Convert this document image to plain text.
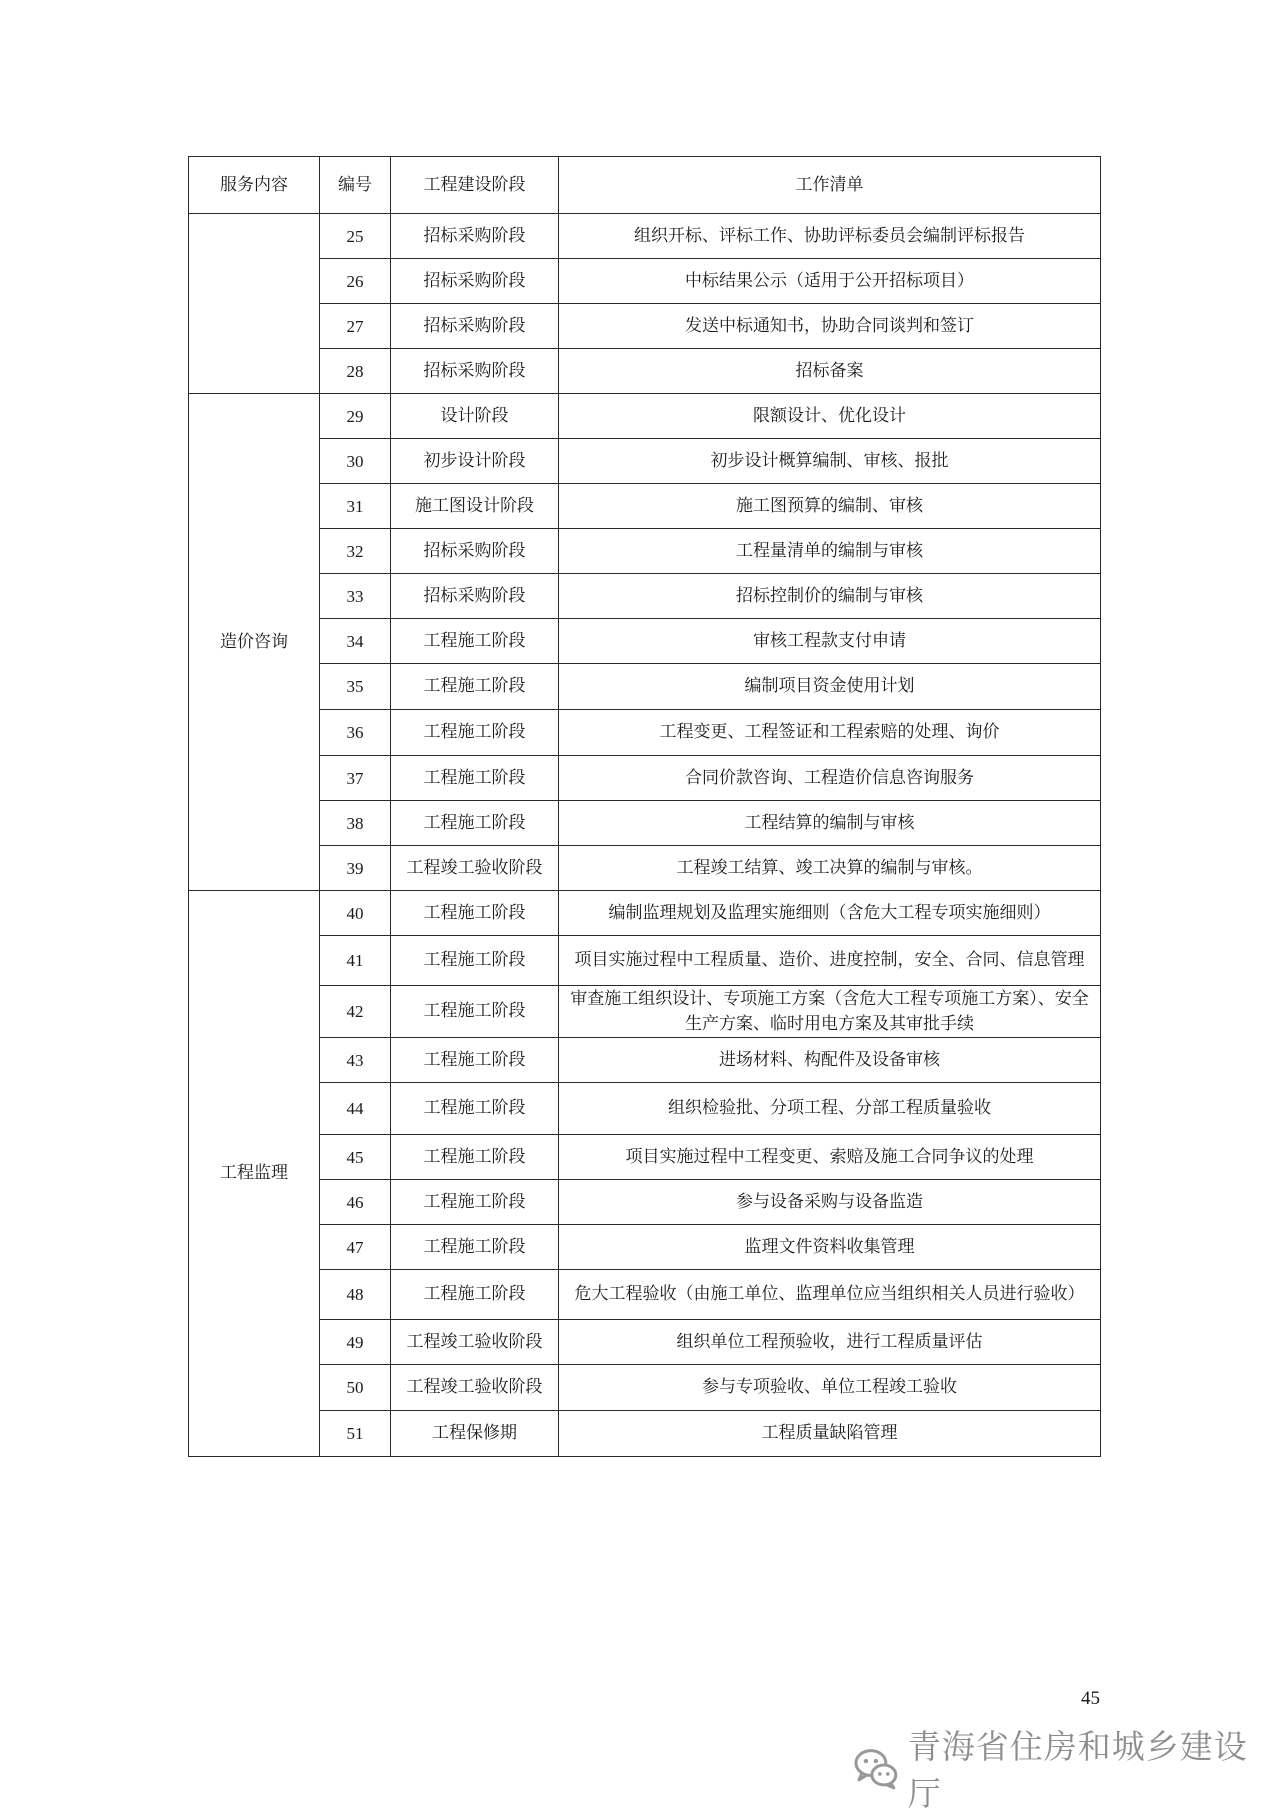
服务内容	编号	工程建设阶段	工作清单
	25	招标采购阶段	组织开标、评标工作、协助评标委员会编制评标报告
	26	招标采购阶段	中标结果公示（适用于公开招标项目）
	27	招标采购阶段	发送中标通知书，协助合同谈判和签订
	28	招标采购阶段	招标备案
造价咨询	29	设计阶段	限额设计、优化设计
	30	初步设计阶段	初步设计概算编制、审核、报批
	31	施工图设计阶段	施工图预算的编制、审核
	32	招标采购阶段	工程量清单的编制与审核
	33	招标采购阶段	招标控制价的编制与审核
	34	工程施工阶段	审核工程款支付申请
	35	工程施工阶段	编制项目资金使用计划
	36	工程施工阶段	工程变更、工程签证和工程索赔的处理、询价
	37	工程施工阶段	合同价款咨询、工程造价信息咨询服务
	38	工程施工阶段	工程结算的编制与审核
	39	工程竣工验收阶段	工程竣工结算、竣工决算的编制与审核。
工程监理	40	工程施工阶段	编制监理规划及监理实施细则（含危大工程专项实施细则）
	41	工程施工阶段	项目实施过程中工程质量、造价、进度控制，安全、合同、信息管理
	42	工程施工阶段	审查施工组织设计、专项施工方案（含危大工程专项施工方案）、安全生产方案、临时用电方案及其审批手续
	43	工程施工阶段	进场材料、构配件及设备审核
	44	工程施工阶段	组织检验批、分项工程、分部工程质量验收
	45	工程施工阶段	项目实施过程中工程变更、索赔及施工合同争议的处理
	46	工程施工阶段	参与设备采购与设备监造
	47	工程施工阶段	监理文件资料收集管理
	48	工程施工阶段	危大工程验收（由施工单位、监理单位应当组织相关人员进行验收）
	49	工程竣工验收阶段	组织单位工程预验收，进行工程质量评估
	50	工程竣工验收阶段	参与专项验收、单位工程竣工验收
	51	工程保修期	工程质量缺陷管理
45
青海省住房和城乡建设厅
